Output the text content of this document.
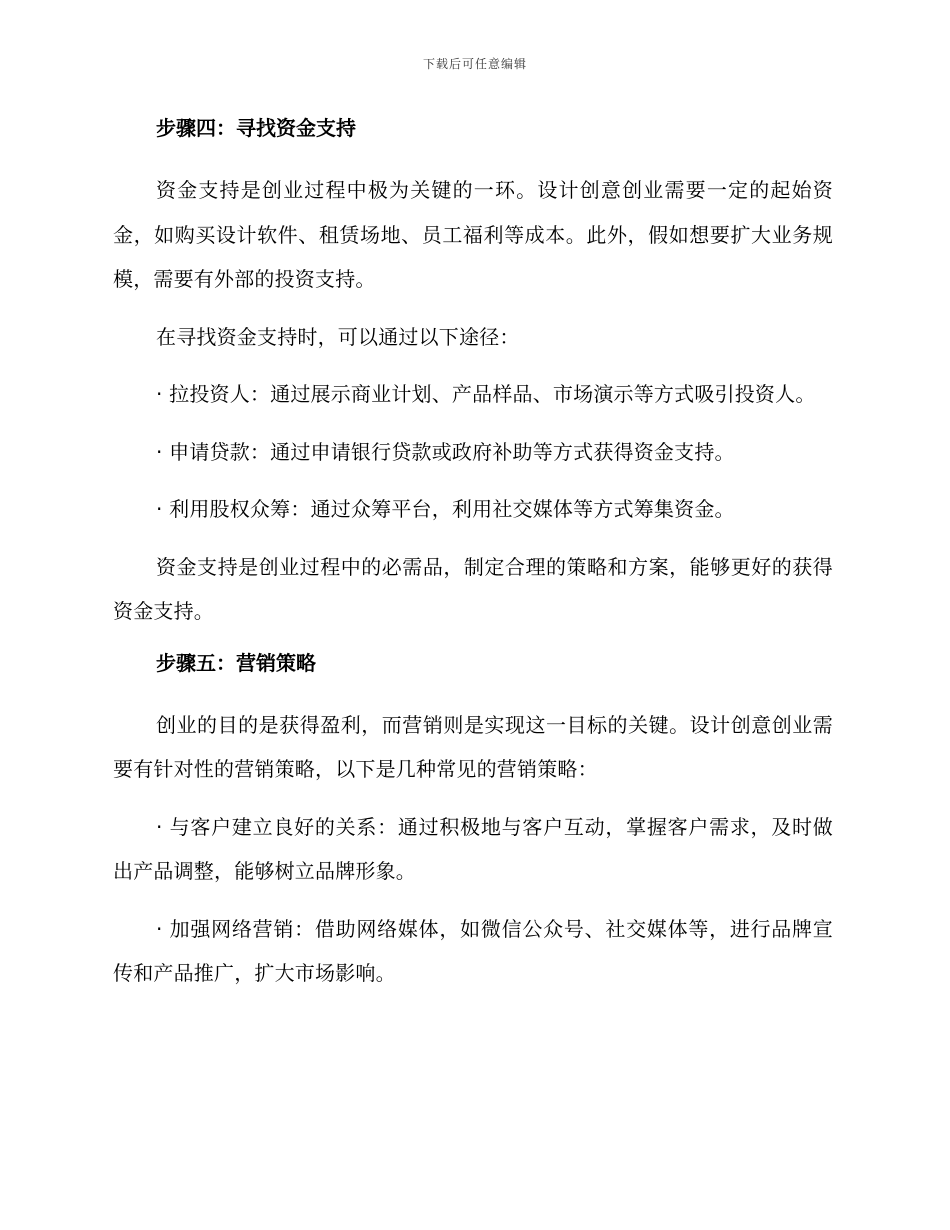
下载后可任意编辑
步骤四：寻找资金支持

资金支持是创业过程中极为关键的一环。设计创意创业需要一定的起始资金，如购买设计软件、租赁场地、员工福利等成本。此外，假如想要扩大业务规模，需要有外部的投资支持。

在寻找资金支持时，可以通过以下途径：

· 拉投资人：通过展示商业计划、产品样品、市场演示等方式吸引投资人。

· 申请贷款：通过申请银行贷款或政府补助等方式获得资金支持。

· 利用股权众筹：通过众筹平台，利用社交媒体等方式筹集资金。

资金支持是创业过程中的必需品，制定合理的策略和方案，能够更好的获得资金支持。

步骤五：营销策略

创业的目的是获得盈利，而营销则是实现这一目标的关键。设计创意创业需要有针对性的营销策略，以下是几种常见的营销策略：

· 与客户建立良好的关系：通过积极地与客户互动，掌握客户需求，及时做出产品调整，能够树立品牌形象。

· 加强网络营销：借助网络媒体，如微信公众号、社交媒体等，进行品牌宣传和产品推广，扩大市场影响。
